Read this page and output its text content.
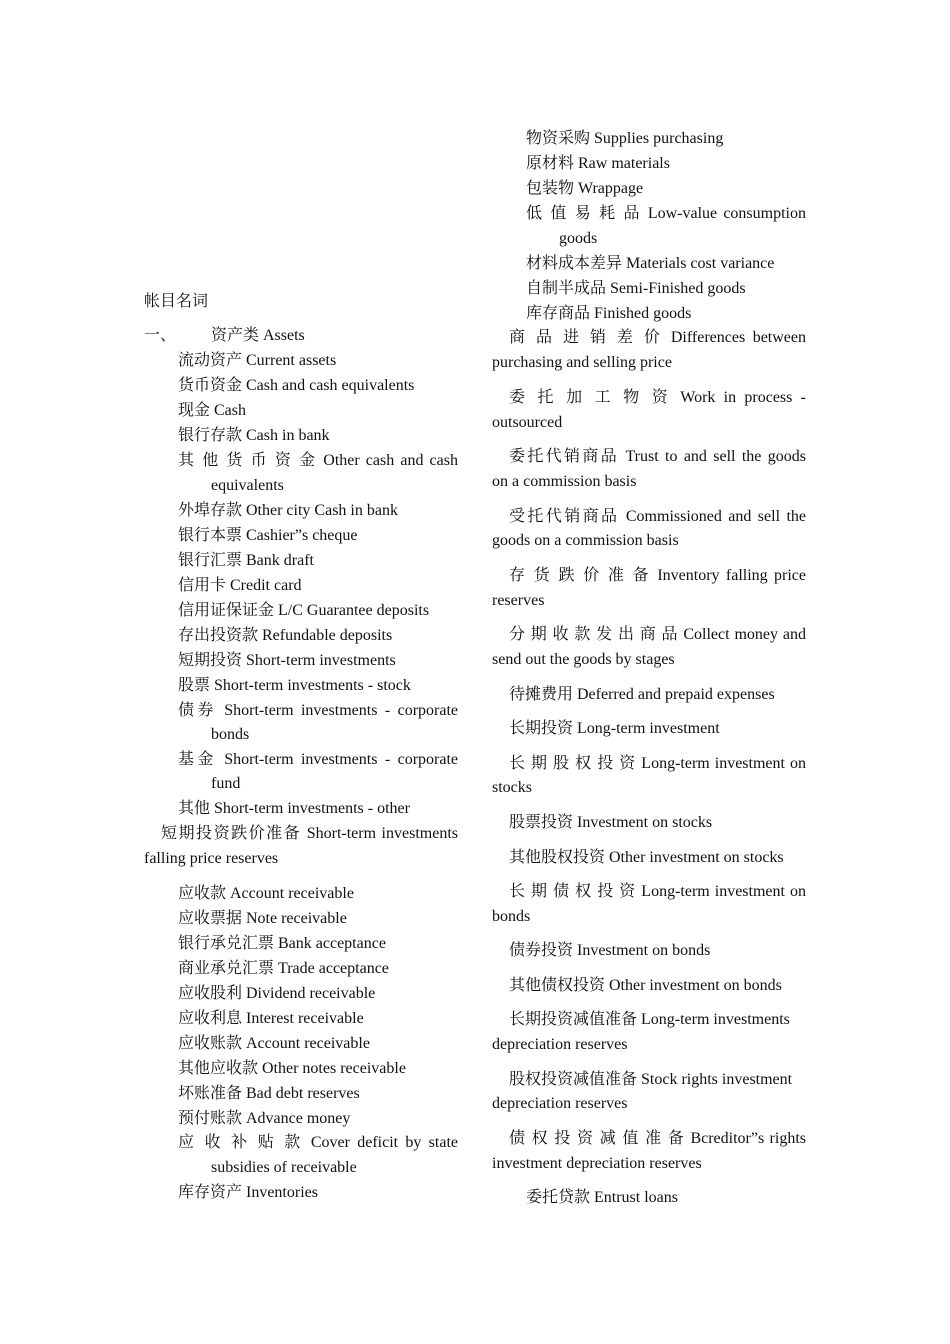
帐目名词
一、 资产类 Assets
流动资产 Current assets
货币资金 Cash and cash equivalents
现金 Cash
银行存款 Cash in bank
其 他 货 币 资 金 Other cash and cash
equivalents
外埠存款 Other city Cash in bank
银行本票 Cashier”s cheque
银行汇票 Bank draft
信用卡 Credit card
信用证保证金 L/C Guarantee deposits
存出投资款 Refundable deposits
短期投资 Short-term investments
股票 Short-term investments - stock
债券 Short-term investments - corporate
bonds
基金 Short-term investments - corporate
fund
其他 Short-term investments - other
短期投资跌价准备 Short-term investments
falling price reserves
应收款 Account receivable
应收票据 Note receivable
银行承兑汇票 Bank acceptance
商业承兑汇票 Trade acceptance
应收股利 Dividend receivable
应收利息 Interest receivable
应收账款 Account receivable
其他应收款 Other notes receivable
坏账准备 Bad debt reserves
预付账款 Advance money
应 收 补 贴 款 Cover deficit by state
subsidies of receivable
库存资产 Inventories
物资采购 Supplies purchasing
原材料 Raw materials
包装物 Wrappage
低 值 易 耗 品 Low-value consumption
goods
材料成本差异 Materials cost variance
自制半成品 Semi-Finished goods
库存商品 Finished goods
商 品 进 销 差 价 Differences between
purchasing and selling price
委 托 加 工 物 资 Work in process -
outsourced
委托代销商品 Trust to and sell the goods
on a commission basis
受托代销商品 Commissioned and sell the
goods on a commission basis
存 货 跌 价 准 备 Inventory falling price
reserves
分 期 收 款 发 出 商 品 Collect money and
send out the goods by stages
待摊费用 Deferred and prepaid expenses
长期投资 Long-term investment
长 期 股 权 投 资 Long-term investment on
stocks
股票投资 Investment on stocks
其他股权投资 Other investment on stocks
长 期 债 权 投 资 Long-term investment on
bonds
债券投资 Investment on bonds
其他债权投资 Other investment on bonds
长期投资减值准备 Long-term investments
depreciation reserves
股权投资减值准备 Stock rights investment
depreciation reserves
债 权 投 资 减 值 准 备 Bcreditor”s rights
investment depreciation reserves
委托贷款 Entrust loans
